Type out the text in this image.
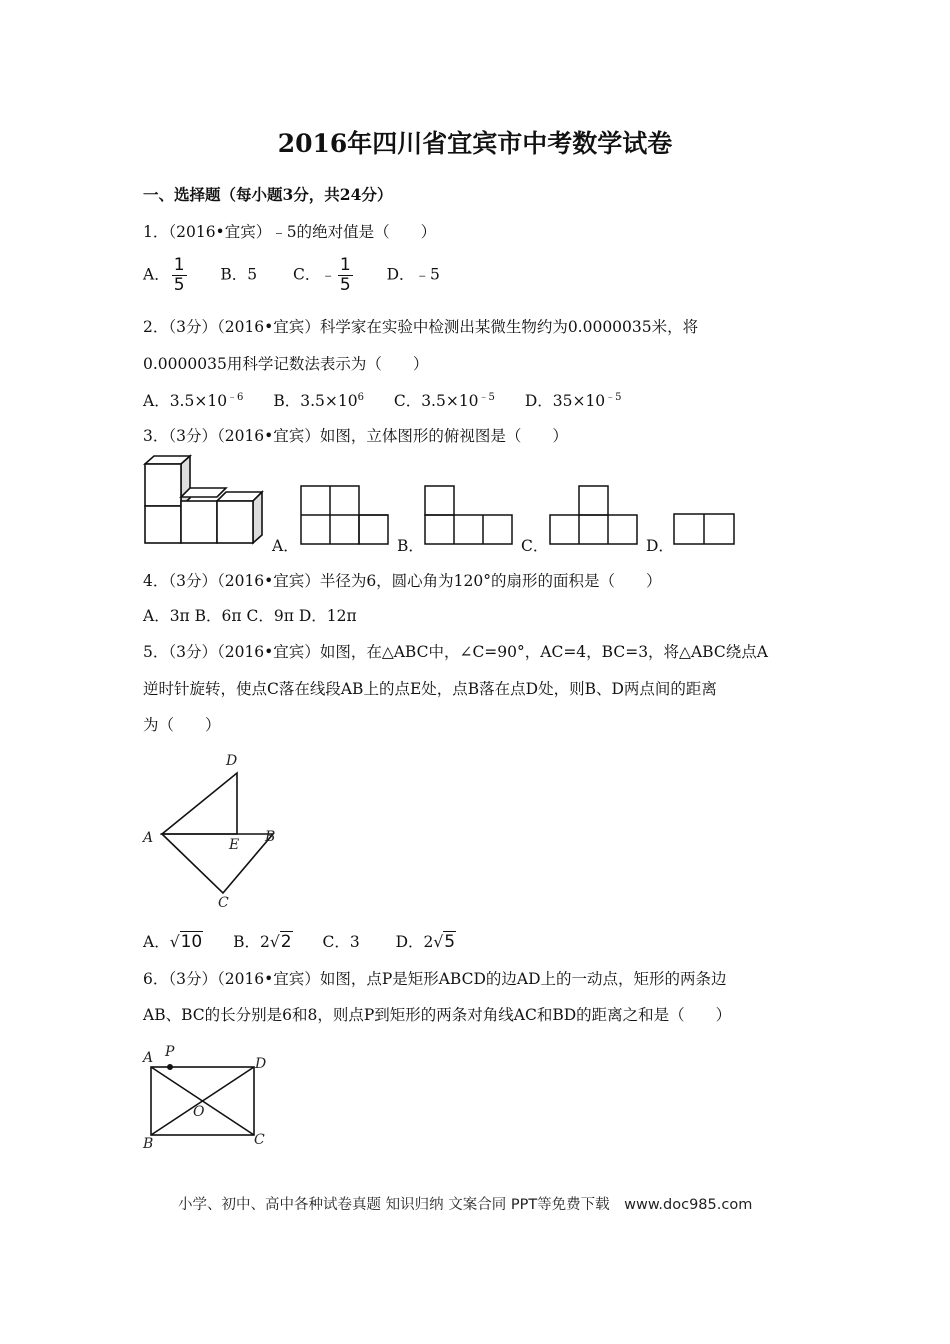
2016年四川省宜宾市中考数学试卷
一、选择题（每小题3分，共24分）
1．（2016•宜宾）﹣5的绝对值是（　　）
A． $\frac{1}{5}$ B．5 C．﹣ $\frac{1}{5}$ D．﹣5
2．（3分）（2016•宜宾）科学家在实验中检测出某微生物约为0.0000035米，将
0.0000035用科学记数法表示为（　　）
A．$3.5\times 10^{﹣6}$ B．$3.5\times 10^6$ C．$3.5\times 10^{﹣5}$ D．$35\times 10^{﹣5}$
3．（3分）（2016•宜宾）如图，立体图形的俯视图是（　　）
A．	B．	C．	D．
4．（3分）（2016•宜宾）半径为6，圆心角为120°的扇形的面积是（　　）
A．3π B．6π C．9π D．12π
5．（3分）（2016•宜宾）如图，在△ABC中，∠C=90°，AC=4，BC=3，将△ABC绕点A
逆时针旋转，使点C落在线段AB上的点E处，点B落在点D处，则B、D两点间的距离
为（　　）
D
A	E B
C
A．√10 B．2√2 C．3 D．2√5
6．（3分）（2016•宜宾）如图，点P是矩形ABCD的边AD上的一动点，矩形的两条边
AB、BC的长分别是6和8，则点P到矩形的两条对角线AC和BD的距离之和是（　　）
A P
D
O
B	C
小学、初中、高中各种试卷真题 知识归纳 文案合同 PPT等免费下载　www.doc985.com
